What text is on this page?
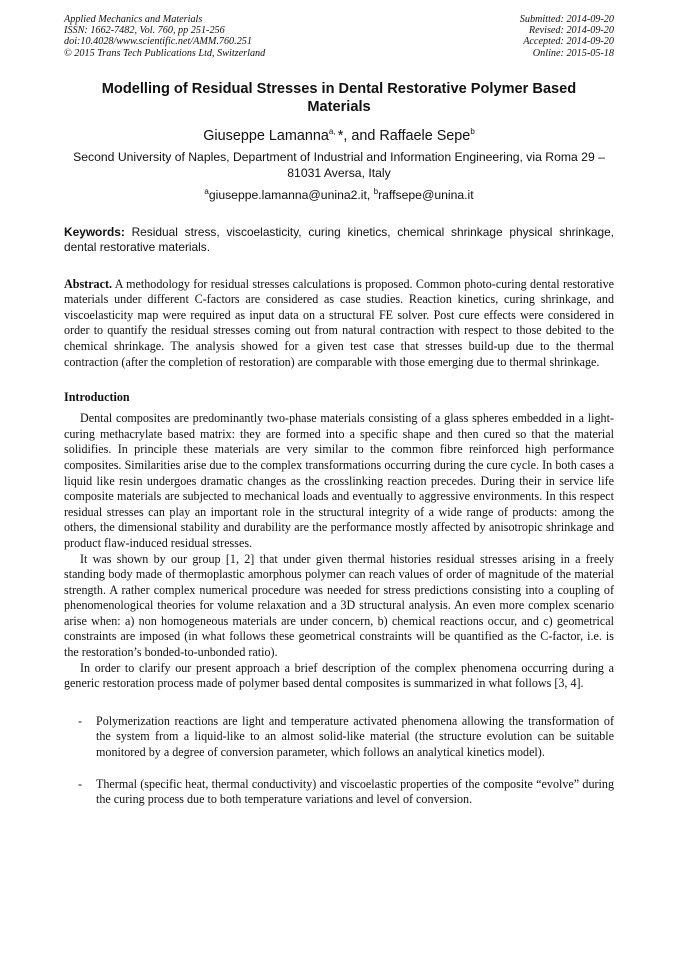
Applied Mechanics and Materials
ISSN: 1662-7482, Vol. 760, pp 251-256
doi:10.4028/www.scientific.net/AMM.760.251
© 2015 Trans Tech Publications Ltd, Switzerland
Submitted: 2014-09-20
Revised: 2014-09-20
Accepted: 2014-09-20
Online: 2015-05-18
Modelling of Residual Stresses in Dental Restorative Polymer Based Materials
Giuseppe Lamanna$^{a,}$ *, and Raffaele Sepe$^b$
Second University of Naples, Department of Industrial and Information Engineering, via Roma 29 – 81031 Aversa, Italy
$^a$giuseppe.lamanna@unina2.it, $^b$raffsepe@unina.it
Keywords: Residual stress, viscoelasticity, curing kinetics, chemical shrinkage physical shrinkage, dental restorative materials.
Abstract. A methodology for residual stresses calculations is proposed. Common photo-curing dental restorative materials under different C-factors are considered as case studies. Reaction kinetics, curing shrinkage, and viscoelasticity map were required as input data on a structural FE solver. Post cure effects were considered in order to quantify the residual stresses coming out from natural contraction with respect to those debited to the chemical shrinkage. The analysis showed for a given test case that stresses build-up due to the thermal contraction (after the completion of restoration) are comparable with those emerging due to thermal shrinkage.
Introduction

Dental composites are predominantly two-phase materials consisting of a glass spheres embedded in a light-curing methacrylate based matrix: they are formed into a specific shape and then cured so that the material solidifies. In principle these materials are very similar to the common fibre reinforced high performance composites. Similarities arise due to the complex transformations occurring during the cure cycle. In both cases a liquid like resin undergoes dramatic changes as the crosslinking reaction precedes. During their in service life composite materials are subjected to mechanical loads and eventually to aggressive environments. In this respect residual stresses can play an important role in the structural integrity of a wide range of products: among the others, the dimensional stability and durability are the performance mostly affected by anisotropic shrinkage and product flaw-induced residual stresses.

It was shown by our group [1, 2] that under given thermal histories residual stresses arising in a freely standing body made of thermoplastic amorphous polymer can reach values of order of magnitude of the material strength. A rather complex numerical procedure was needed for stress predictions consisting into a coupling of phenomenological theories for volume relaxation and a 3D structural analysis. An even more complex scenario arise when: a) non homogeneous materials are under concern, b) chemical reactions occur, and c) geometrical constraints are imposed (in what follows these geometrical constraints will be quantified as the C-factor, i.e. is the restoration’s bonded-to-unbonded ratio).

In order to clarify our present approach a brief description of the complex phenomena occurring during a generic restoration process made of polymer based dental composites is summarized in what follows [3, 4].

-	Polymerization reactions are light and temperature activated phenomena allowing the transformation of the system from a liquid-like to an almost solid-like material (the structure evolution can be suitable monitored by a degree of conversion parameter, which follows an analytical kinetics model).
-	Thermal (specific heat, thermal conductivity) and viscoelastic properties of the composite “evolve” during the curing process due to both temperature variations and level of conversion.
